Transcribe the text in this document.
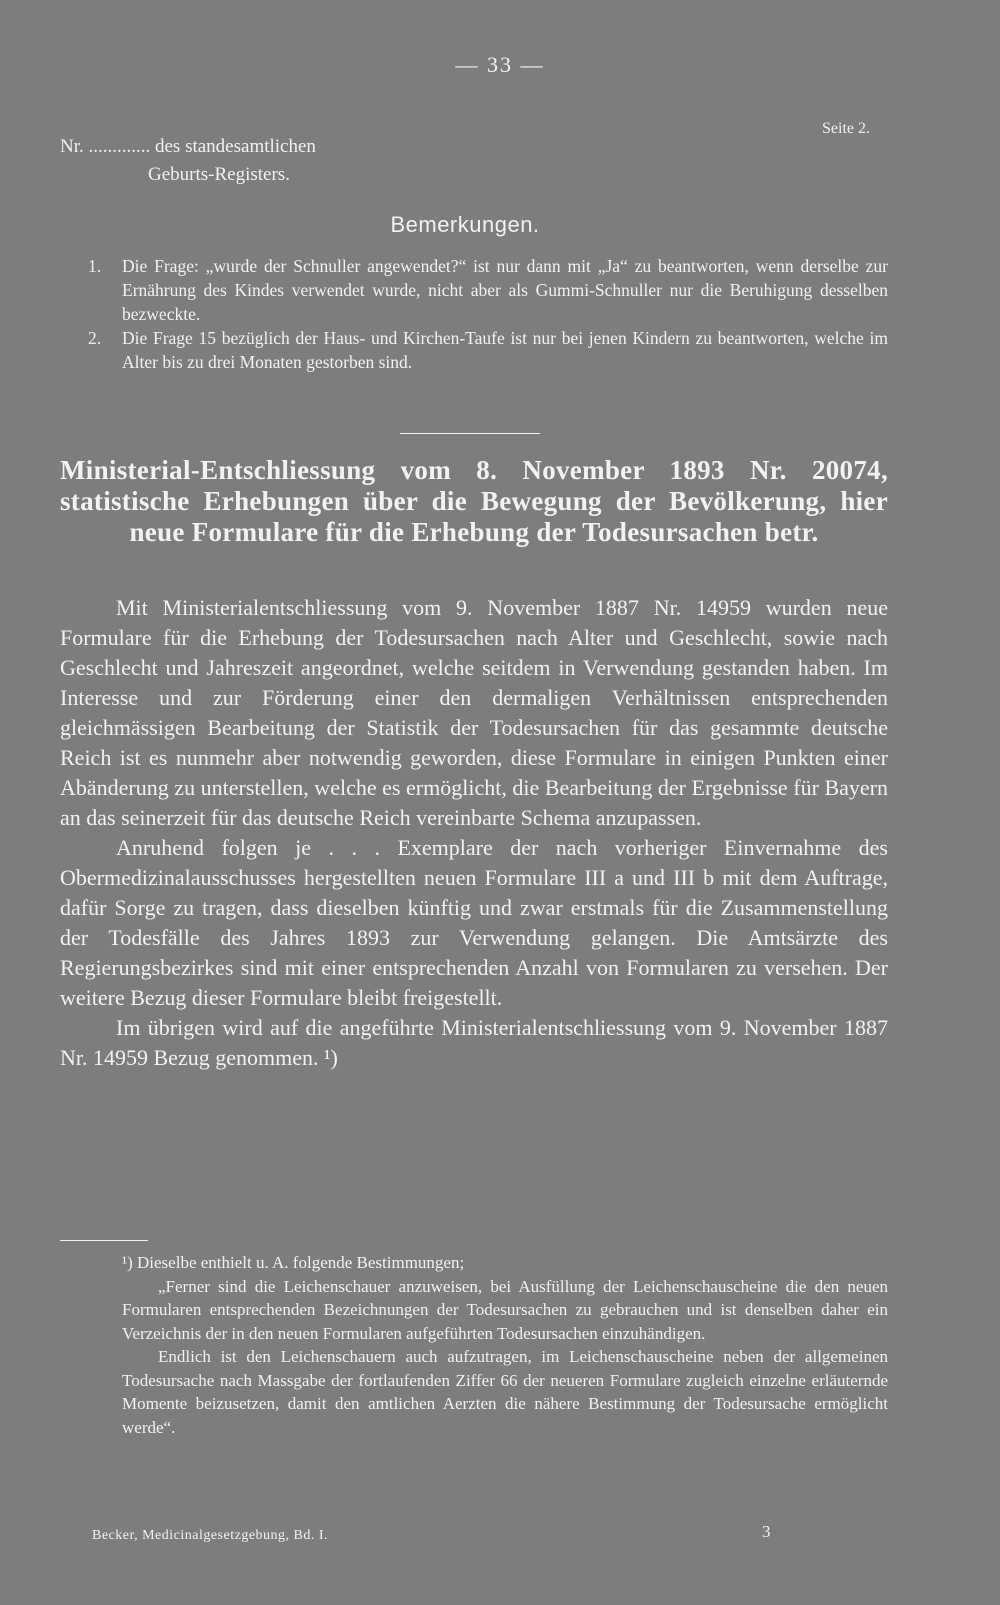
— 33 —
Seite 2.
Nr. ............. des standesamtlichen
Geburts-Registers.
Bemerkungen.
1. Die Frage: „wurde der Schnuller angewendet?“ ist nur dann mit „Ja“ zu beantworten, wenn derselbe zur Ernährung des Kindes verwendet wurde, nicht aber als Gummi-Schnuller nur die Beruhigung desselben bezweckte.
2. Die Frage 15 bezüglich der Haus- und Kirchen-Taufe ist nur bei jenen Kindern zu beantworten, welche im Alter bis zu drei Monaten gestorben sind.
Ministerial-Entschliessung vom 8. November 1893 Nr. 20074, statistische Erhebungen über die Bewegung der Bevölkerung, hier neue Formulare für die Erhebung der Todesursachen betr.

Mit Ministerialentschliessung vom 9. November 1887 Nr. 14959 wurden neue Formulare für die Erhebung der Todesursachen nach Alter und Geschlecht, sowie nach Geschlecht und Jahreszeit angeordnet, welche seitdem in Verwendung gestanden haben. Im Interesse und zur Förderung einer den dermaligen Verhältnissen entsprechenden gleichmässigen Bearbeitung der Statistik der Todesursachen für das gesammte deutsche Reich ist es nunmehr aber notwendig geworden, diese Formulare in einigen Punkten einer Abänderung zu unterstellen, welche es ermöglicht, die Bearbeitung der Ergebnisse für Bayern an das seinerzeit für das deutsche Reich vereinbarte Schema anzupassen.

Anruhend folgen je . . . Exemplare der nach vorheriger Einvernahme des Obermedizinalausschusses hergestellten neuen Formulare III a und III b mit dem Auftrage, dafür Sorge zu tragen, dass dieselben künftig und zwar erstmals für die Zusammenstellung der Todesfälle des Jahres 1893 zur Verwendung gelangen. Die Amtsärzte des Regierungsbezirkes sind mit einer entsprechenden Anzahl von Formularen zu versehen. Der weitere Bezug dieser Formulare bleibt freigestellt.

Im übrigen wird auf die angeführte Ministerialentschliessung vom 9. November 1887 Nr. 14959 Bezug genommen. ¹)

¹) Dieselbe enthielt u. A. folgende Bestimmungen;

„Ferner sind die Leichenschauer anzuweisen, bei Ausfüllung der Leichenschauscheine die den neuen Formularen entsprechenden Bezeichnungen der Todesursachen zu gebrauchen und ist denselben daher ein Verzeichnis der in den neuen Formularen aufgeführten Todesursachen einzuhändigen.

Endlich ist den Leichenschauern auch aufzutragen, im Leichenschauscheine neben der allgemeinen Todesursache nach Massgabe der fortlaufenden Ziffer 66 der neueren Formulare zugleich einzelne erläuternde Momente beizusetzen, damit den amtlichen Aerzten die nähere Bestimmung der Todesursache ermöglicht werde“.

Becker, Medicinalgesetzgebung, Bd. I.	3
